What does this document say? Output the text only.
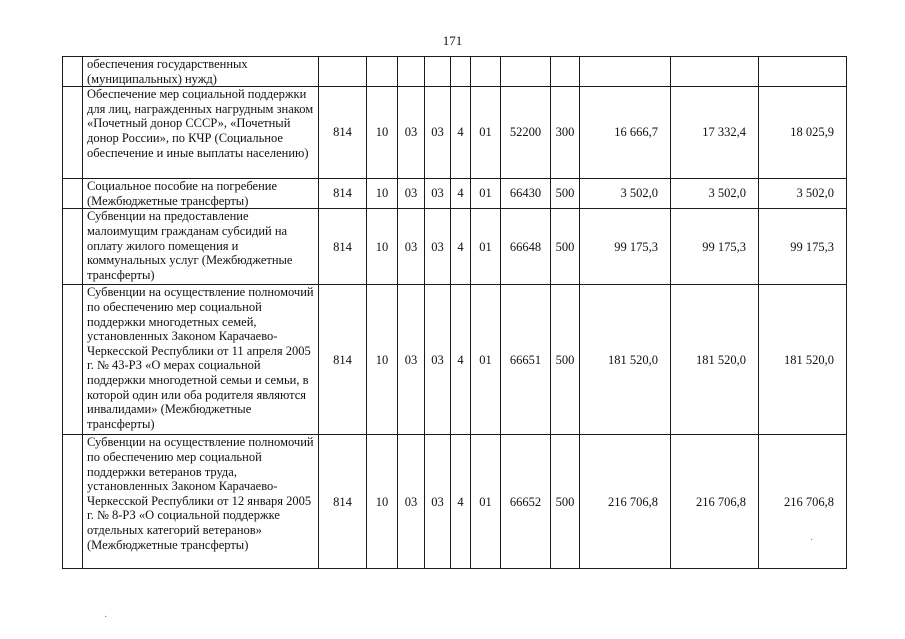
171
	обеспечения государственных (муниципальных) нужд)											
	Обеспечение мер социальной поддержки для лиц, награжденных нагрудным знаком «Почетный донор СССР», «Почетный донор России», по КЧР (Социальное обеспечение и иные выплаты населению)	814	10	03	03	4	01	52200	300	16 666,7	17 332,4	18 025,9
	Социальное пособие на погребение (Межбюджетные трансферты)	814	10	03	03	4	01	66430	500	3 502,0	3 502,0	3 502,0
	Субвенции на предоставление малоимущим гражданам субсидий на оплату жилого помещения и коммунальных услуг (Межбюджетные трансферты)	814	10	03	03	4	01	66648	500	99 175,3	99 175,3	99 175,3
	Субвенции на осуществление полномочий по обеспечению мер социальной поддержки многодетных семей, установленных Законом Карачаево-Черкесской Республики от 11 апреля 2005 г. № 43-РЗ «О мерах социальной поддержки многодетной семьи и семьи, в которой один или оба родителя являются инвалидами» (Межбюджетные трансферты)	814	10	03	03	4	01	66651	500	181 520,0	181 520,0	181 520,0
	Субвенции на осуществление полномочий по обеспечению мер социальной поддержки ветеранов труда, установленных Законом Карачаево-Черкесской Республики от 12 января 2005 г. № 8-РЗ «О социальной поддержке отдельных категорий ветеранов» (Межбюджетные трансферты)	814	10	03	03	4	01	66652	500	216 706,8	216 706,8	216 706,8
·
·
